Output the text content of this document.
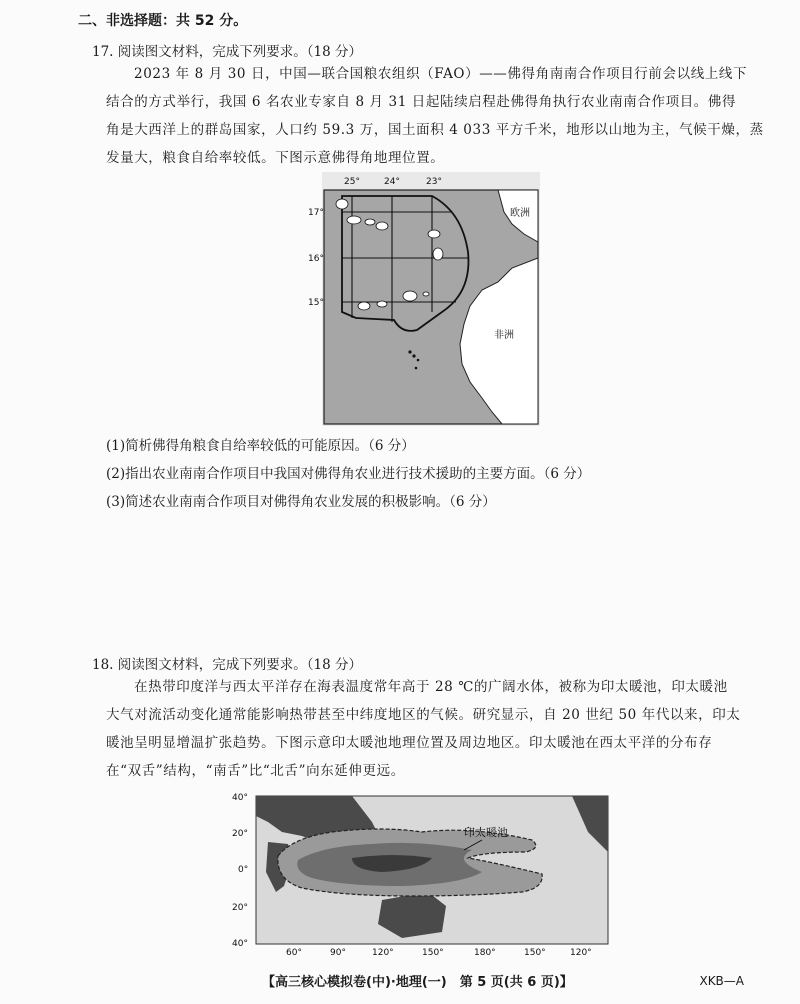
二、非选择题：共 52 分。
17. 阅读图文材料，完成下列要求。（18 分）
2023 年 8 月 30 日，中国—联合国粮农组织（FAO）——佛得角南南合作项目行前会以线上线下
结合的方式举行，我国 6 名农业专家自 8 月 31 日起陆续启程赴佛得角执行农业南南合作项目。佛得
角是大西洋上的群岛国家，人口约 59.3 万，国土面积 4 033 平方千米，地形以山地为主，气候干燥，蒸
发量大，粮食自给率较低。下图示意佛得角地理位置。
25°	24°	23°
17°
16°
15°
欧洲
非洲
(1)简析佛得角粮食自给率较低的可能原因。（6 分）
(2)指出农业南南合作项目中我国对佛得角农业进行技术援助的主要方面。（6 分）
(3)简述农业南南合作项目对佛得角农业发展的积极影响。（6 分）
18. 阅读图文材料，完成下列要求。（18 分）
在热带印度洋与西太平洋存在海表温度常年高于 28 ℃的广阔水体，被称为印太暖池，印太暖池
大气对流活动变化通常能影响热带甚至中纬度地区的气候。研究显示，自 20 世纪 50 年代以来，印太
暖池呈明显增温扩张趋势。下图示意印太暖池地理位置及周边地区。印太暖池在西太平洋的分布存
在“双舌”结构，“南舌”比“北舌”向东延伸更远。
印太暖池
40°
20°
0°
20°
40°
60°	90°	120°	150°	180°	150°	120°
【高三核心模拟卷(中)·地理(一)　第 5 页(共 6 页)】	XKB—A
